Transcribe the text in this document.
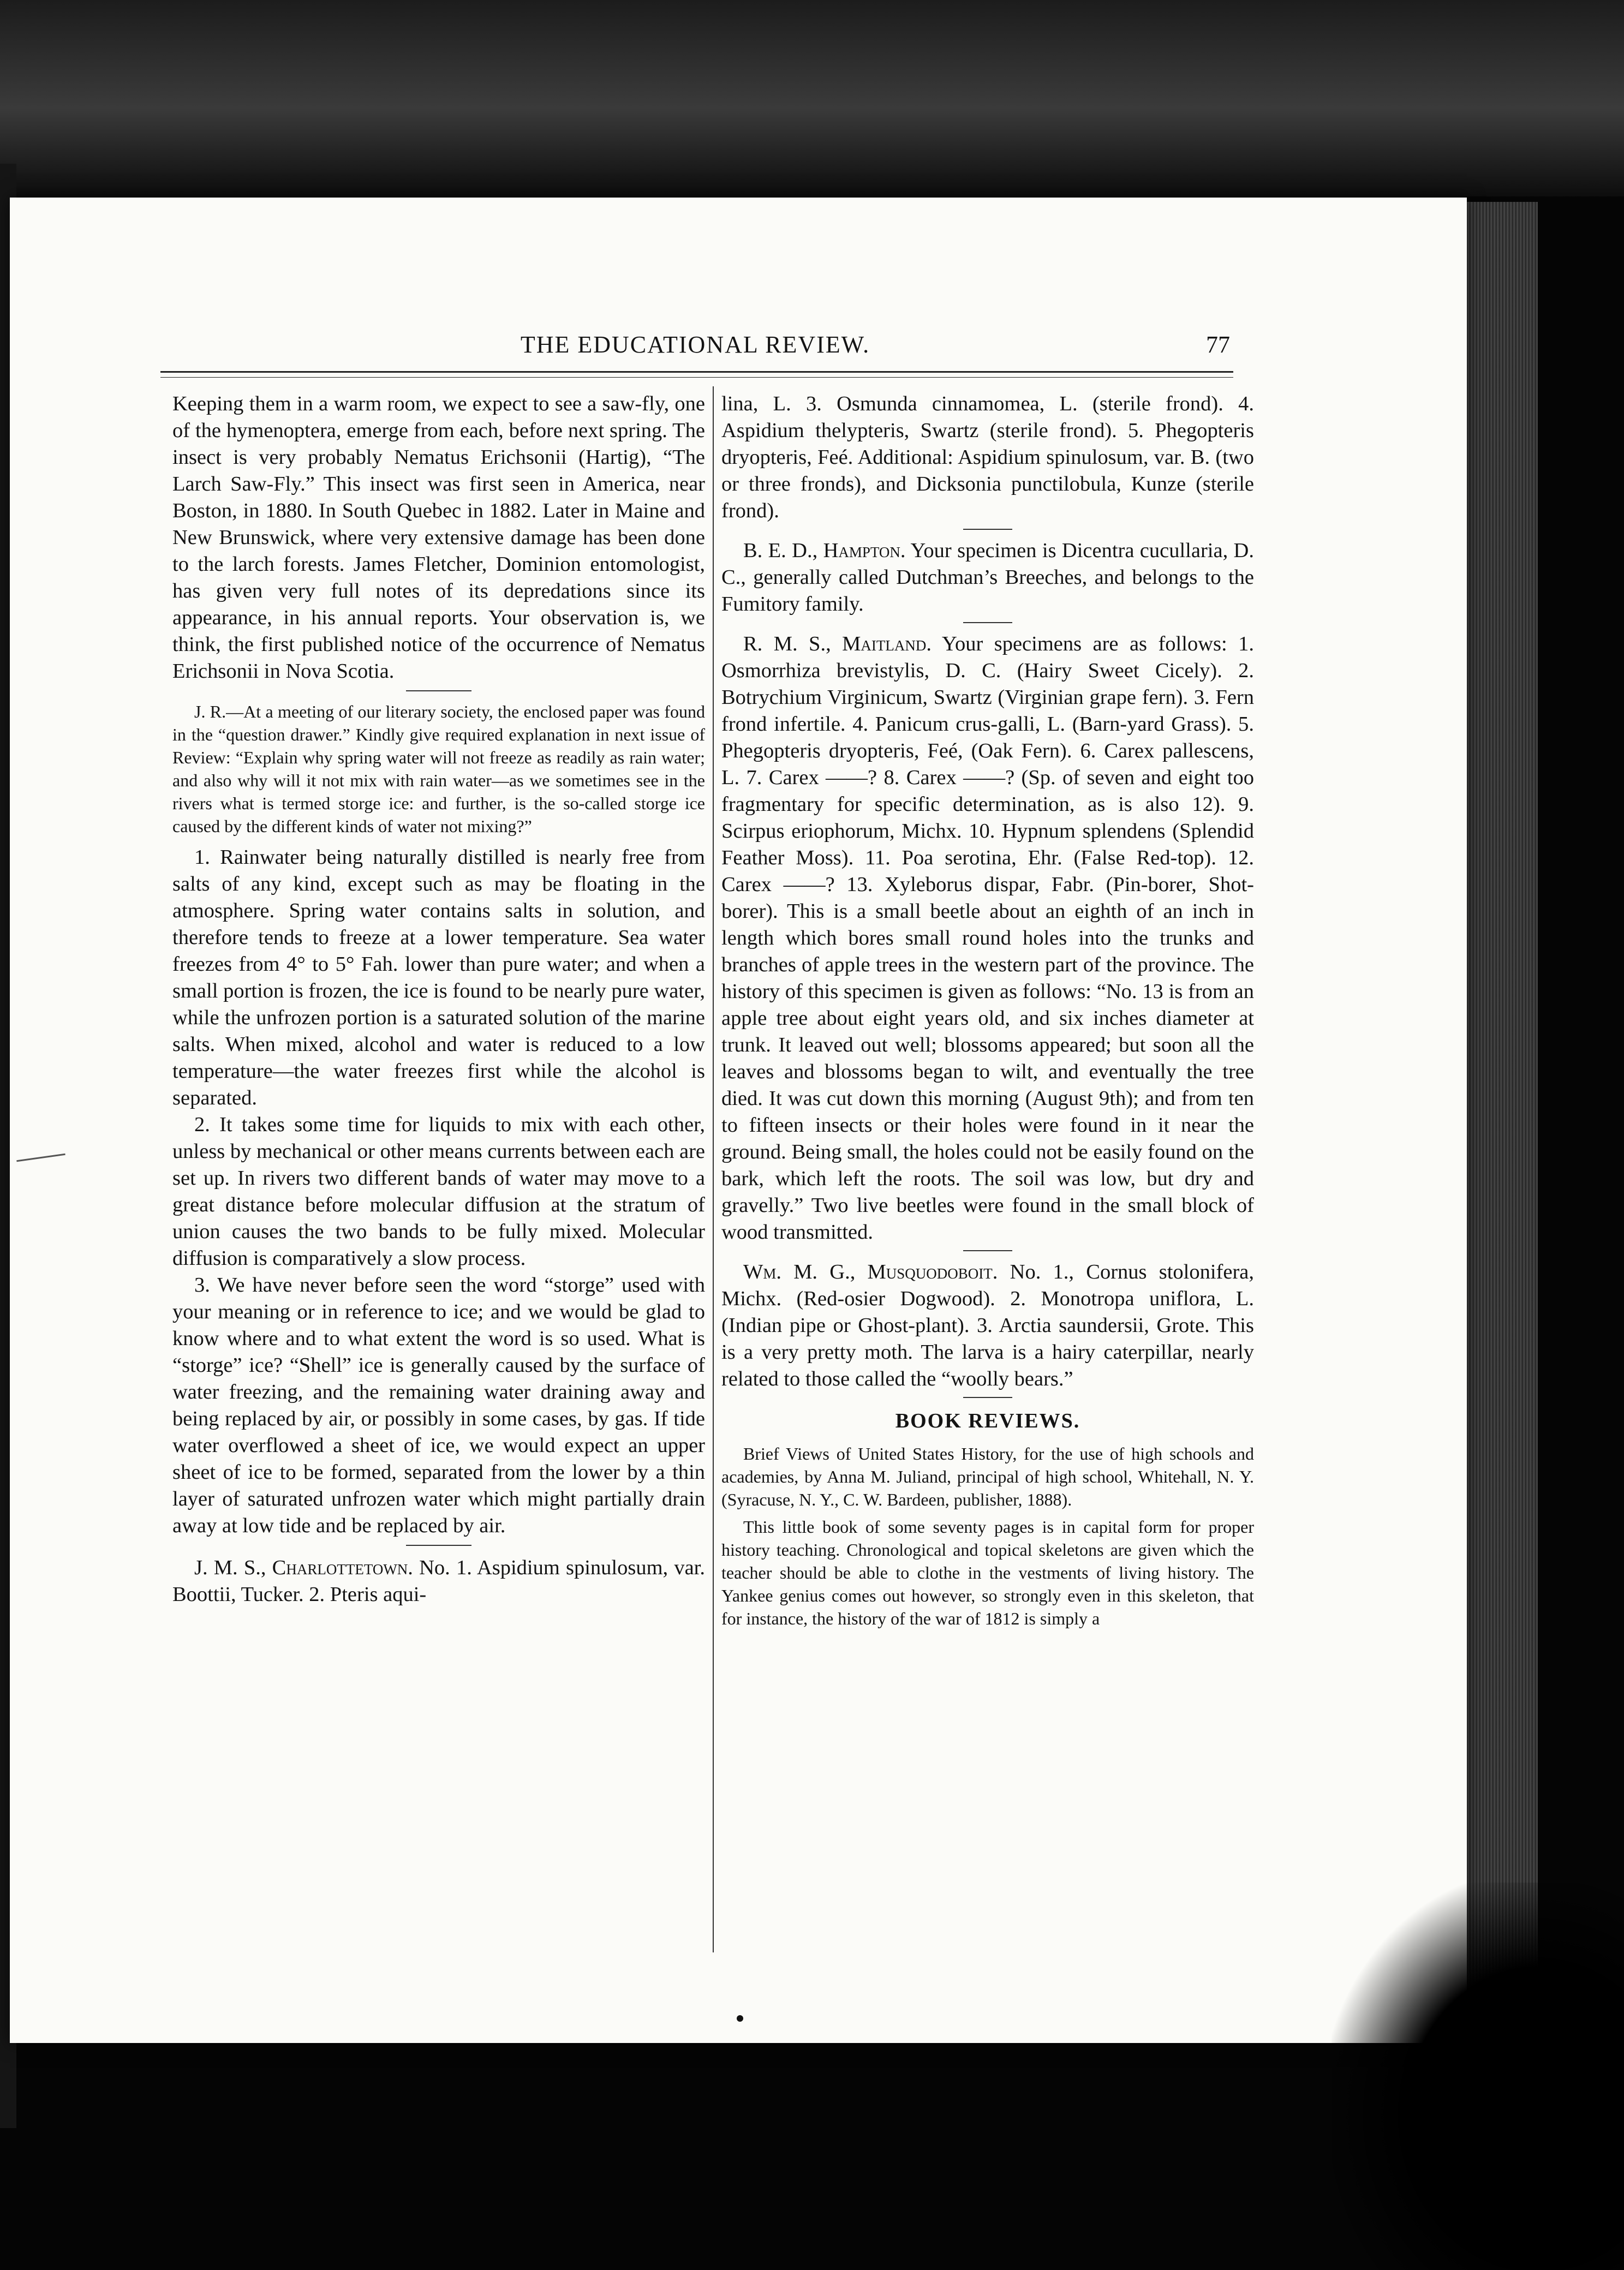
THE EDUCATIONAL REVIEW.	77

Keeping them in a warm room, we expect to see a saw-fly, one of the hymenoptera, emerge from each, before next spring. The insect is very probably Nematus Erichsonii (Hartig), “The Larch Saw-Fly.” This insect was first seen in America, near Boston, in 1880. In South Quebec in 1882. Later in Maine and New Brunswick, where very extensive damage has been done to the larch forests. James Fletcher, Dominion entomologist, has given very full notes of its depredations since its appearance, in his annual reports. Your observation is, we think, the first published notice of the occurrence of Nematus Erichsonii in Nova Scotia.

J. R.—At a meeting of our literary society, the enclosed paper was found in the “question drawer.” Kindly give required explanation in next issue of Review: “Explain why spring water will not freeze as readily as rain water; and also why will it not mix with rain water—as we sometimes see in the rivers what is termed storge ice: and further, is the so-called storge ice caused by the different kinds of water not mixing?”

1. Rainwater being naturally distilled is nearly free from salts of any kind, except such as may be floating in the atmosphere. Spring water contains salts in solution, and therefore tends to freeze at a lower temperature. Sea water freezes from 4° to 5° Fah. lower than pure water; and when a small portion is frozen, the ice is found to be nearly pure water, while the unfrozen portion is a saturated solution of the marine salts. When mixed, alcohol and water is reduced to a low temperature—the water freezes first while the alcohol is separated.

2. It takes some time for liquids to mix with each other, unless by mechanical or other means currents between each are set up. In rivers two different bands of water may move to a great distance before molecular diffusion at the stratum of union causes the two bands to be fully mixed. Molecular diffusion is comparatively a slow process.

3. We have never before seen the word “storge” used with your meaning or in reference to ice; and we would be glad to know where and to what extent the word is so used. What is “storge” ice? “Shell” ice is generally caused by the surface of water freezing, and the remaining water draining away and being replaced by air, or possibly in some cases, by gas. If tide water overflowed a sheet of ice, we would expect an upper sheet of ice to be formed, separated from the lower by a thin layer of saturated unfrozen water which might partially drain away at low tide and be replaced by air.

J. M. S., Charlottetown. No. 1. Aspidium spinulosum, var. Boottii, Tucker. 2. Pteris aqui-

lina, L. 3. Osmunda cinnamomea, L. (sterile frond). 4. Aspidium thelypteris, Swartz (sterile frond). 5. Phegopteris dryopteris, Feé. Additional: Aspidium spinulosum, var. B. (two or three fronds), and Dicksonia punctilobula, Kunze (sterile frond).

B. E. D., Hampton. Your specimen is Dicentra cucullaria, D. C., generally called Dutchman’s Breeches, and belongs to the Fumitory family.

R. M. S., Maitland. Your specimens are as follows: 1. Osmorrhiza brevistylis, D. C. (Hairy Sweet Cicely). 2. Botrychium Virginicum, Swartz (Virginian grape fern). 3. Fern frond infertile. 4. Panicum crus-galli, L. (Barn-yard Grass). 5. Phegopteris dryopteris, Feé, (Oak Fern). 6. Carex pallescens, L. 7. Carex ——? 8. Carex ——? (Sp. of seven and eight too fragmentary for specific determination, as is also 12). 9. Scirpus eriophorum, Michx. 10. Hypnum splendens (Splendid Feather Moss). 11. Poa serotina, Ehr. (False Red-top). 12. Carex ——? 13. Xyleborus dispar, Fabr. (Pin-borer, Shot-borer). This is a small beetle about an eighth of an inch in length which bores small round holes into the trunks and branches of apple trees in the western part of the province. The history of this specimen is given as follows: “No. 13 is from an apple tree about eight years old, and six inches diameter at trunk. It leaved out well; blossoms appeared; but soon all the leaves and blossoms began to wilt, and eventually the tree died. It was cut down this morning (August 9th); and from ten to fifteen insects or their holes were found in it near the ground. Being small, the holes could not be easily found on the bark, which left the roots. The soil was low, but dry and gravelly.” Two live beetles were found in the small block of wood transmitted.

Wm. M. G., Musquodoboit. No. 1., Cornus stolonifera, Michx. (Red-osier Dogwood). 2. Monotropa uniflora, L. (Indian pipe or Ghost-plant). 3. Arctia saundersii, Grote. This is a very pretty moth. The larva is a hairy caterpillar, nearly related to those called the “woolly bears.”

BOOK REVIEWS.

Brief Views of United States History, for the use of high schools and academies, by Anna M. Juliand, principal of high school, Whitehall, N. Y. (Syracuse, N. Y., C. W. Bardeen, publisher, 1888).

This little book of some seventy pages is in capital form for proper history teaching. Chronological and topical skeletons are given which the teacher should be able to clothe in the vestments of living history. The Yankee genius comes out however, so strongly even in this skeleton, that for instance, the history of the war of 1812 is simply a
